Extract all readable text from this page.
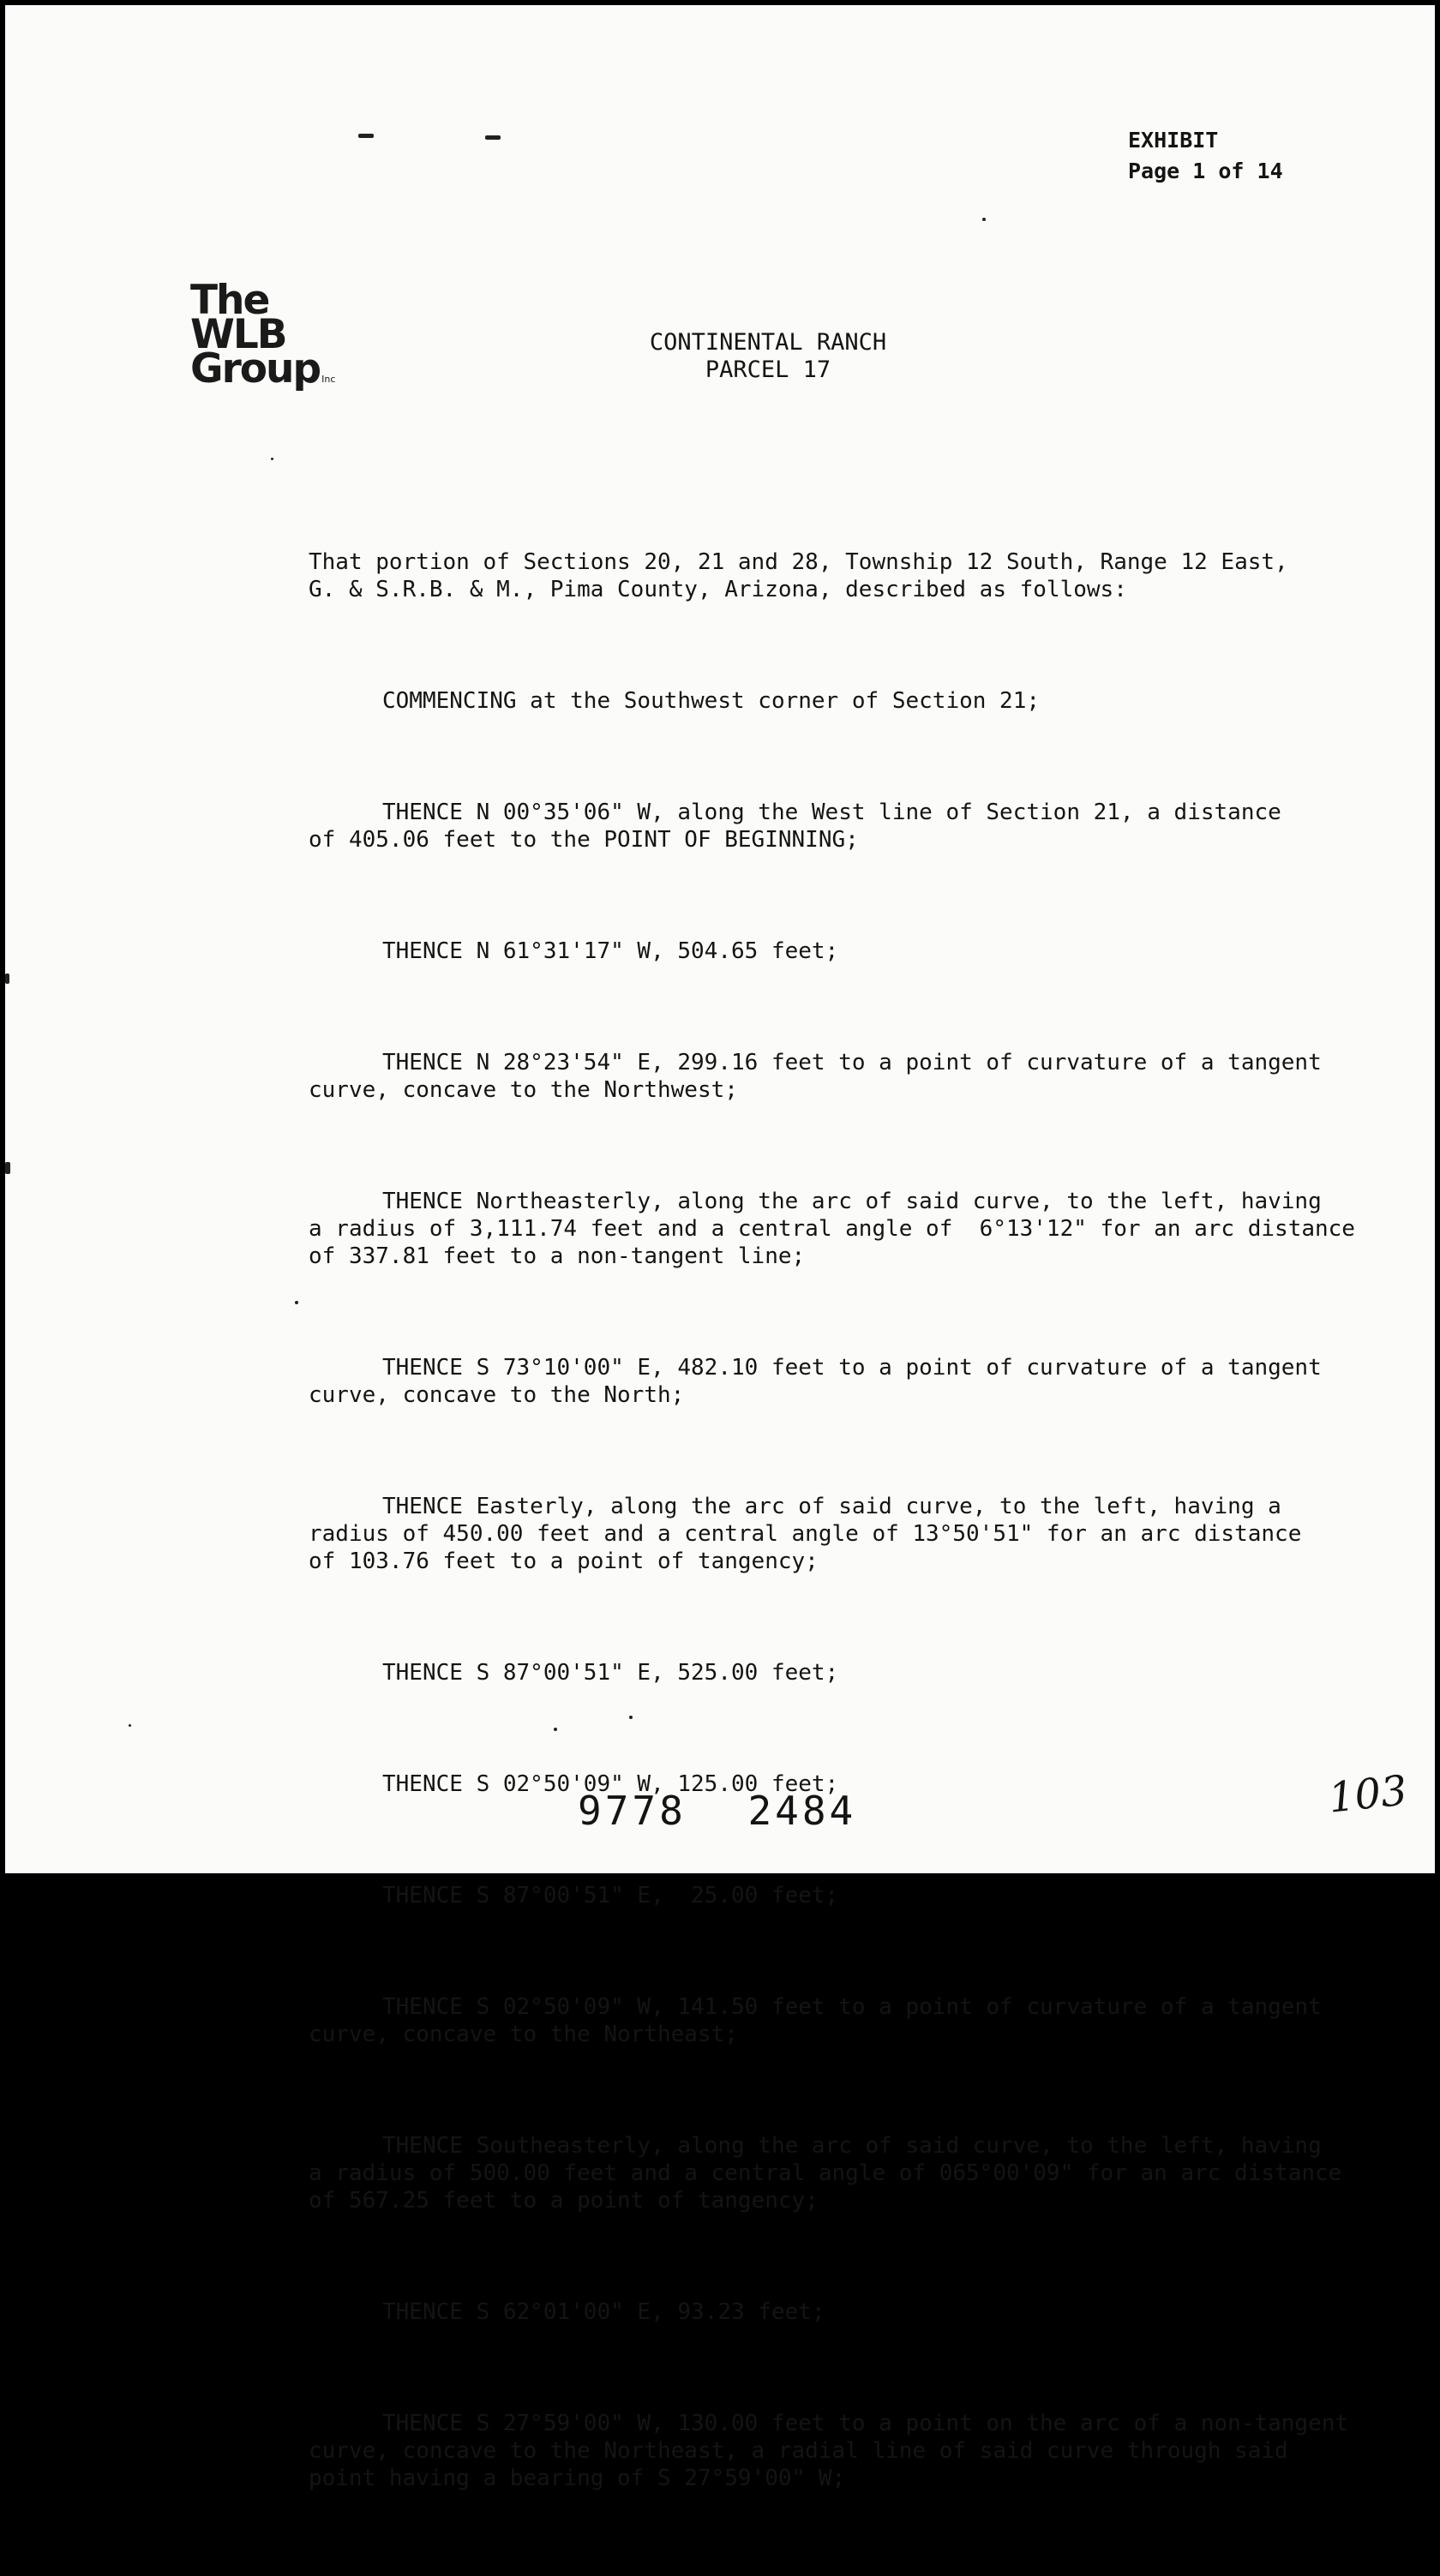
EXHIBIT
Page 1 of 14
The
WLB
Group Inc
CONTINENTAL RANCH
PARCEL 17

That portion of Sections 20, 21 and 28, Township 12 South, Range 12 East,
G. & S.R.B. & M., Pima County, Arizona, described as follows:

COMMENCING at the Southwest corner of Section 21;

THENCE N 00°35'06" W, along the West line of Section 21, a distance
of 405.06 feet to the POINT OF BEGINNING;

THENCE N 61°31'17" W, 504.65 feet;

THENCE N 28°23'54" E, 299.16 feet to a point of curvature of a tangent
curve, concave to the Northwest;

THENCE Northeasterly, along the arc of said curve, to the left, having
a radius of 3,111.74 feet and a central angle of  6°13'12" for an arc distance
of 337.81 feet to a non-tangent line;

THENCE S 73°10'00" E, 482.10 feet to a point of curvature of a tangent
curve, concave to the North;

THENCE Easterly, along the arc of said curve, to the left, having a
radius of 450.00 feet and a central angle of 13°50'51" for an arc distance
of 103.76 feet to a point of tangency;

THENCE S 87°00'51" E, 525.00 feet;

THENCE S 02°50'09" W, 125.00 feet;

THENCE S 87°00'51" E,  25.00 feet;

THENCE S 02°50'09" W, 141.50 feet to a point of curvature of a tangent
curve, concave to the Northeast;

THENCE Southeasterly, along the arc of said curve, to the left, having
a radius of 500.00 feet and a central angle of 065°00'09" for an arc distance
of 567.25 feet to a point of tangency;

THENCE S 62°01'00" E, 93.23 feet;

THENCE S 27°59'00" W, 130.00 feet to a point on the arc of a non-tangent
curve, concave to the Northeast, a radial line of said curve through said
point having a bearing of S 27°59'00" W;

9778 2484	103
